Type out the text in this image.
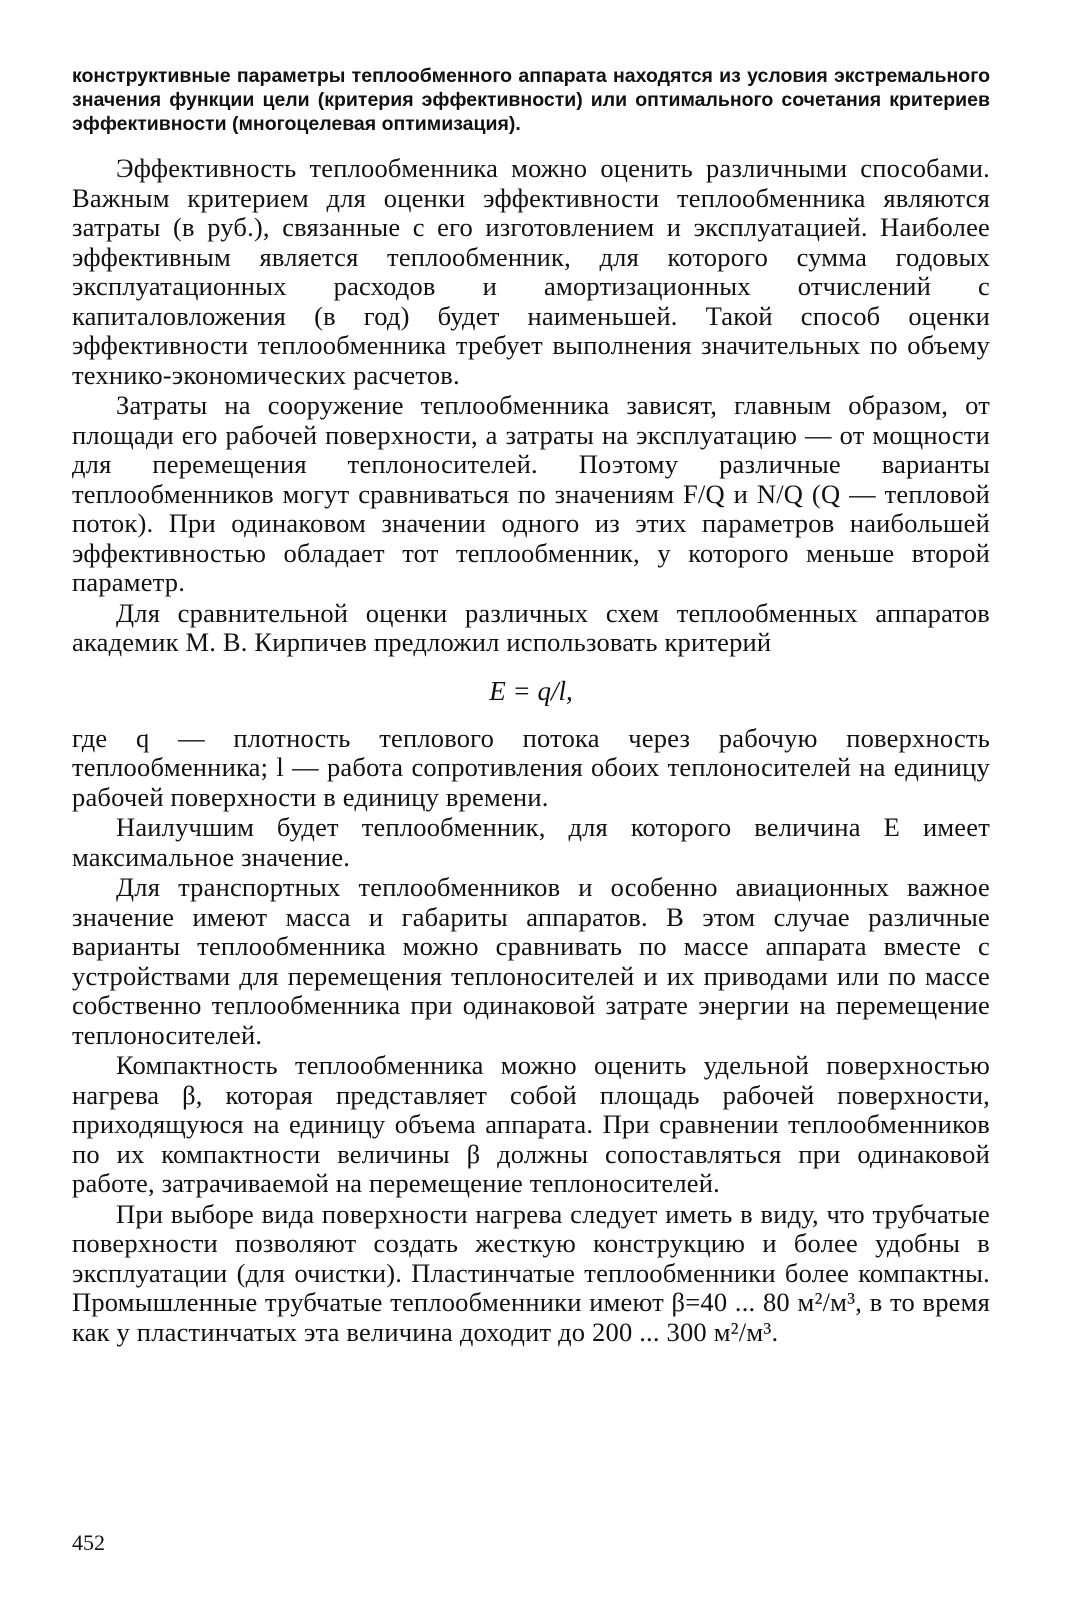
конструктивные параметры теплообменного аппарата находятся из условия экстремального значения функции цели (критерия эффективности) или оптимального сочетания критериев эффективности (многоцелевая оптимизация).

Эффективность теплообменника можно оценить различными способами. Важным критерием для оценки эффективности теплообменника являются затраты (в руб.), связанные с его изготовлением и эксплуатацией. Наиболее эффективным является теплообменник, для которого сумма годовых эксплуатационных расходов и амортизационных отчислений с капиталовложения (в год) будет наименьшей. Такой способ оценки эффективности теплообменника требует выполнения значительных по объему технико-экономических расчетов.

Затраты на сооружение теплообменника зависят, главным образом, от площади его рабочей поверхности, а затраты на эксплуатацию — от мощности для перемещения теплоносителей. Поэтому различные варианты теплообменников могут сравниваться по значениям F/Q и N/Q (Q — тепловой поток). При одинаковом значении одного из этих параметров наибольшей эффективностью обладает тот теплообменник, у которого меньше второй параметр.

Для сравнительной оценки различных схем теплообменных аппаратов академик М. В. Кирпичев предложил использовать критерий

E = q/l,

где q — плотность теплового потока через рабочую поверхность теплообменника; l — работа сопротивления обоих теплоносителей на единицу рабочей поверхности в единицу времени.

Наилучшим будет теплообменник, для которого величина E имеет максимальное значение.

Для транспортных теплообменников и особенно авиационных важное значение имеют масса и габариты аппаратов. В этом случае различные варианты теплообменника можно сравнивать по массе аппарата вместе с устройствами для перемещения теплоносителей и их приводами или по массе собственно теплообменника при одинаковой затрате энергии на перемещение теплоносителей.

Компактность теплообменника можно оценить удельной поверхностью нагрева β, которая представляет собой площадь рабочей поверхности, приходящуюся на единицу объема аппарата. При сравнении теплообменников по их компактности величины β должны сопоставляться при одинаковой работе, затрачиваемой на перемещение теплоносителей.

При выборе вида поверхности нагрева следует иметь в виду, что трубчатые поверхности позволяют создать жесткую конструкцию и более удобны в эксплуатации (для очистки). Пластинчатые теплообменники более компактны. Промышленные трубчатые теплообменники имеют β=40 ... 80 м²/м³, в то время как у пластинчатых эта величина доходит до 200 ... 300 м²/м³.

452
